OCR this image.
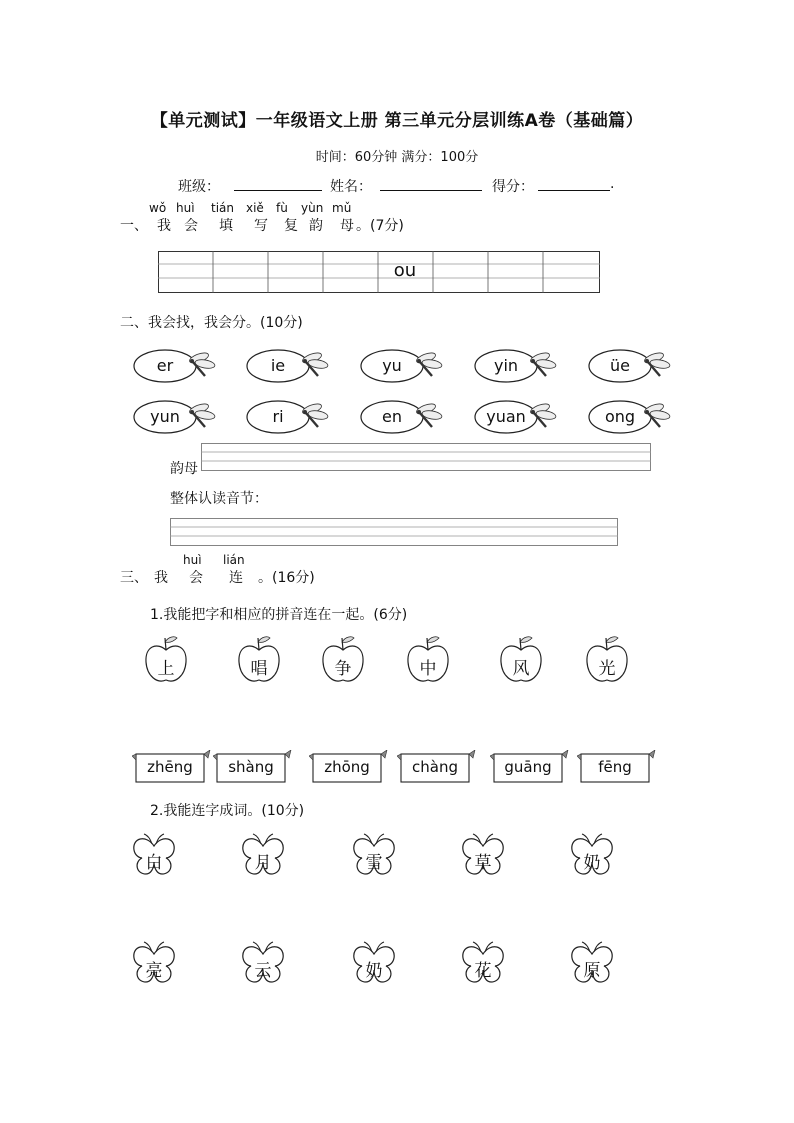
【单元测试】一年级语文上册 第三单元分层训练A卷（基础篇）
时间：60分钟 满分：100分
班级：	姓名：	得分：	.
一、
wǒ
我
huì
会
tián
填
xiě
写
fù
复
yùn
韵
mǔ
母 。(7分)
ou
二、我会找，我会分。(10分)
er	ie	yu	yin	üe
yun	ri	en	yuan	ong
韵母
整体认读音节：
三、 我
huì
会
lián
连 。(16分)
1.我能把字和相应的拼音连在一起。(6分)
上	唱	争	中	风	光
zhēng	shàng	zhōng	chàng	guāng	fēng
2.我能连字成词。(10分)
白	月	雪	草	奶
亮	云	奶	花	原
